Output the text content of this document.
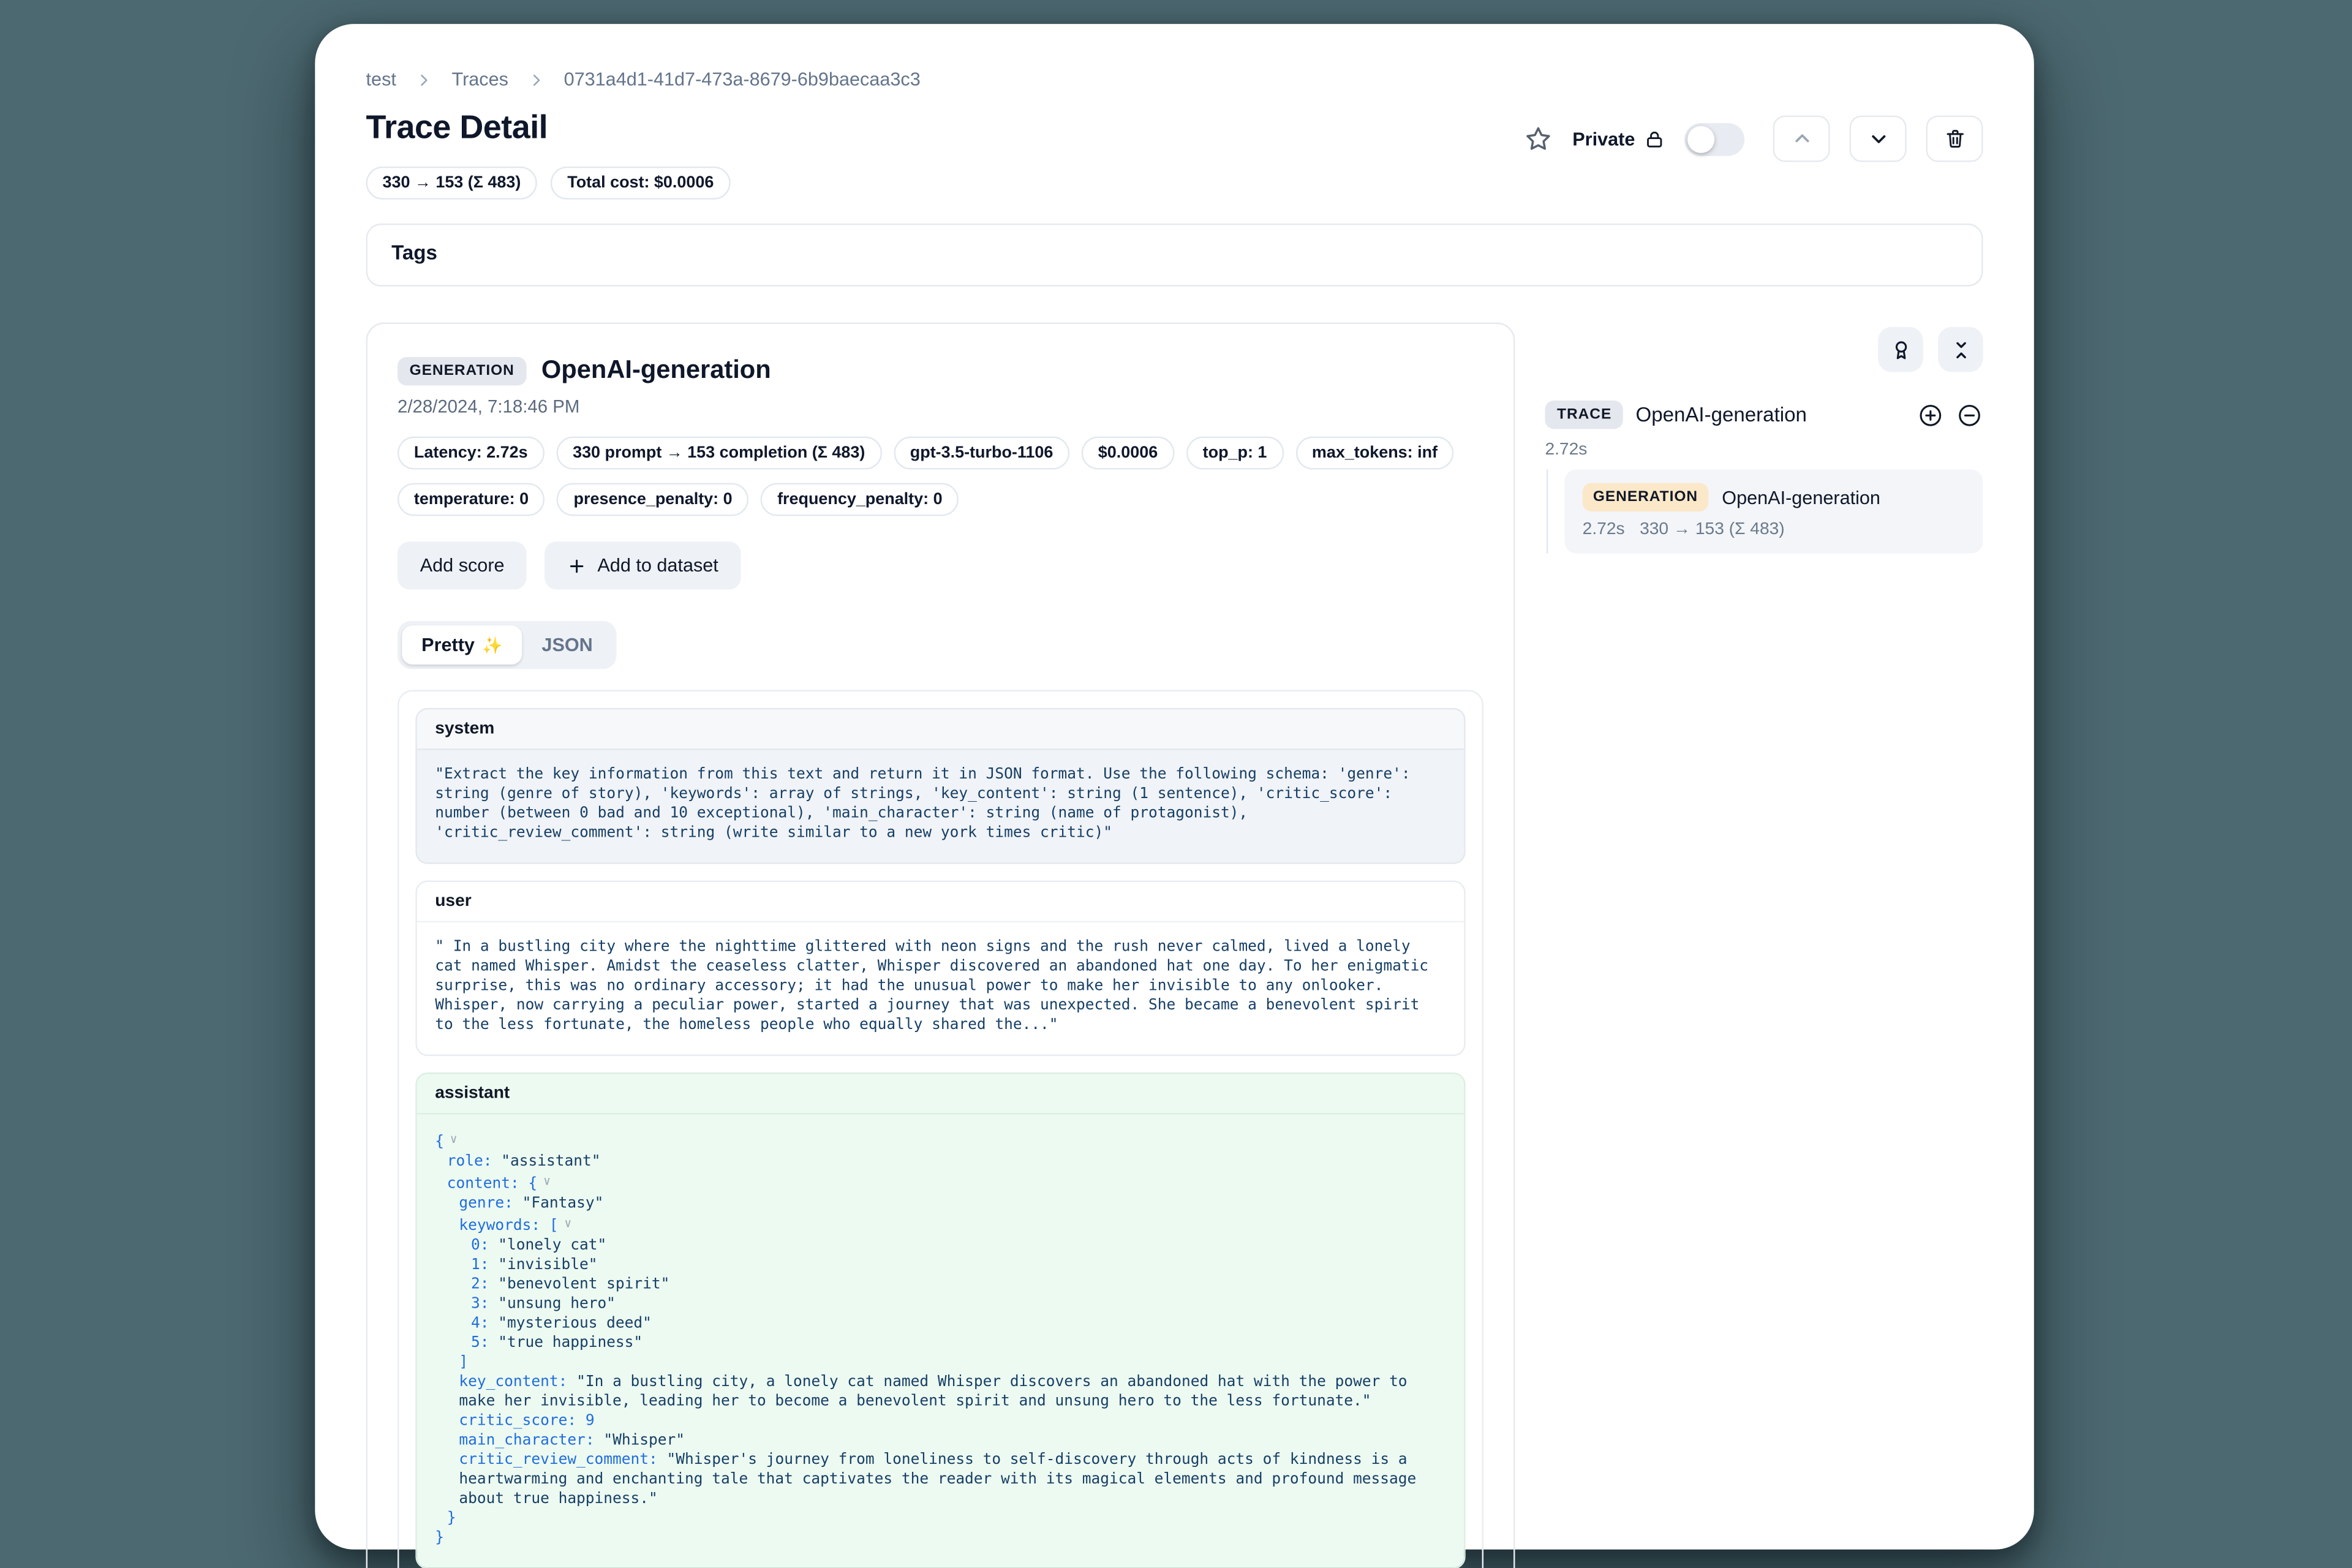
test	Traces	0731a4d1-41d7-473a-8679-6b9baecaa3c3
Trace Detail	Private
330 → 153 (Σ 483)	Total cost: $0.0006
Tags
GENERATION	OpenAI-generation
2/28/2024, 7:18:46 PM
Latency: 2.72s	330 prompt → 153 completion (Σ 483)	gpt-3.5-turbo-1106	$0.0006	top_p: 1	max_tokens: inf
temperature: 0	presence_penalty: 0	frequency_penalty: 0
Add score	Add to dataset
Pretty ✨	JSON
system
"Extract the key information from this text and return it in JSON format. Use the following schema: 'genre': string (genre of story), 'keywords': array of strings, 'key_content': string (1 sentence), 'critic_score': number (between 0 bad and 10 exceptional), 'main_character': string (name of protagonist), 'critic_review_comment': string (write similar to a new york times critic)"
user
" In a bustling city where the nighttime glittered with neon signs and the rush never calmed, lived a lonely cat named Whisper. Amidst the ceaseless clatter, Whisper discovered an abandoned hat one day. To her enigmatic surprise, this was no ordinary accessory; it had the unusual power to make her invisible to any onlooker. Whisper, now carrying a peculiar power, started a journey that was unexpected. She became a benevolent spirit to the less fortunate, the homeless people who equally shared the..."
assistant
{ ∨
role: "assistant"
content: { ∨
genre: "Fantasy"
keywords: [ ∨
0: "lonely cat"
1: "invisible"
2: "benevolent spirit"
3: "unsung hero"
4: "mysterious deed"
5: "true happiness"
]
key_content: "In a bustling city, a lonely cat named Whisper discovers an abandoned hat with the power to make her invisible, leading her to become a benevolent spirit and unsung hero to the less fortunate."
critic_score: 9
main_character: "Whisper"
critic_review_comment: "Whisper's journey from loneliness to self-discovery through acts of kindness is a heartwarming and enchanting tale that captivates the reader with its magical elements and profound message about true happiness."
}
}
TRACE	OpenAI-generation
2.72s
GENERATION	OpenAI-generation
2.72s 330 → 153 (Σ 483)
